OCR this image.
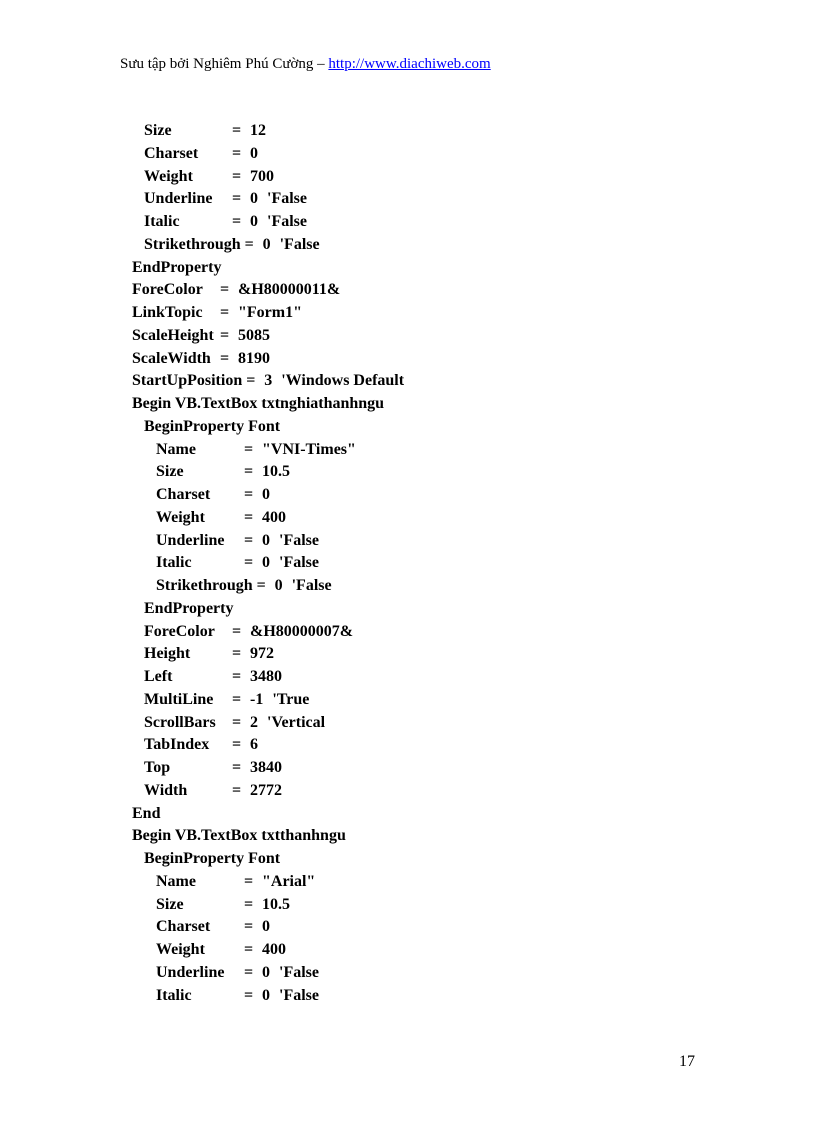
Sưu tập bởi Nghiêm Phú Cường – http://www.diachiweb.com
Size	= 12
Charset = 0
Weight = 700
Underline = 0 'False
Italic	= 0 'False
Strikethrough = 0 'False
EndProperty
ForeColor = &H80000011&
LinkTopic = "Form1"
ScaleHeight = 5085
ScaleWidth = 8190
StartUpPosition = 3 'Windows Default
Begin VB.TextBox txtnghiathanhngu
BeginProperty Font
Name	= "VNI-Times"
Size	= 10.5
Charset = 0
Weight = 400
Underline = 0 'False
Italic	= 0 'False
Strikethrough = 0 'False
EndProperty
ForeColor = &H80000007&
Height	= 972
Left	= 3480
MultiLine = -1 'True
ScrollBars = 2 'Vertical
TabIndex = 6
Top	= 3840
Width	= 2772
End
Begin VB.TextBox txtthanhngu
BeginProperty Font
Name	= "Arial"
Size	= 10.5
Charset = 0
Weight = 400
Underline = 0 'False
Italic	= 0 'False
17
